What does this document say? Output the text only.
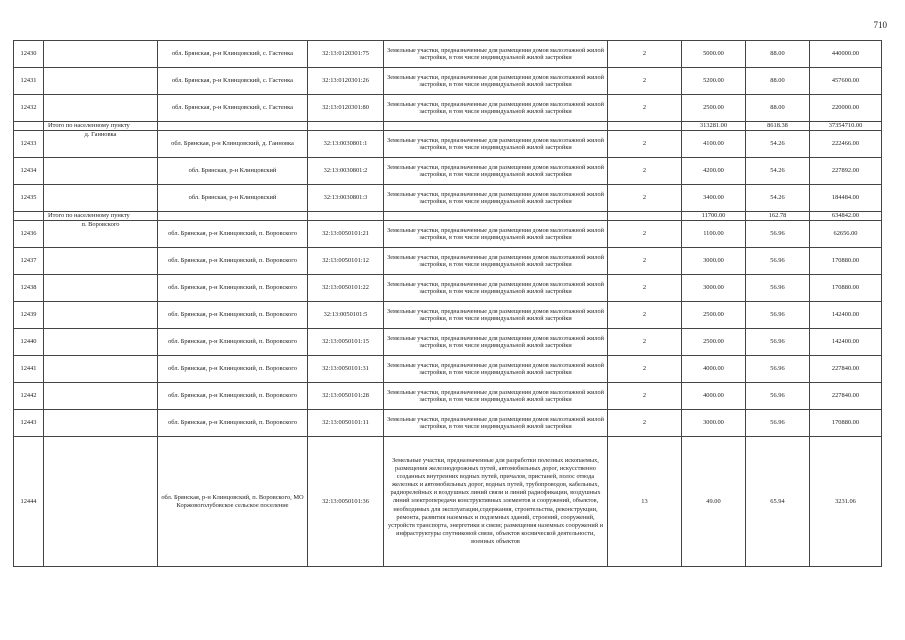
710
12430		обл. Брянская, р-н Клинцовский, с. Гастенка	32:13:0120301:75	Земельные участки, предназначенные для размещения домов малоэтажной жилой застройки, в том числе индивидуальной жилой застройки	2	5000.00	88.00	440000.00
12431		обл. Брянская, р-н Клинцовский, с. Гастенка	32:13:0120301:26	Земельные участки, предназначенные для размещения домов малоэтажной жилой застройки, в том числе индивидуальной жилой застройки	2	5200.00	88.00	457600.00
12432		обл. Брянская, р-н Клинцовский, с. Гастенка	32:13:0120301:80	Земельные участки, предназначенные для размещения домов малоэтажной жилой застройки, в том числе индивидуальной жилой застройки	2	2500.00	88.00	220000.00
	Итого по населенному пункту					313281.00	8618.38	37354710.00
12433	д. Ганновка	обл. Брянская, р-н Клинцовский, д. Ганновка	32:13:0030801:1	Земельные участки, предназначенные для размещения домов малоэтажной жилой застройки, в том числе индивидуальной жилой застройки	2	4100.00	54.26	222466.00
12434		обл. Брянская, р-н Клинцовский	32:13:0030801:2	Земельные участки, предназначенные для размещения домов малоэтажной жилой застройки, в том числе индивидуальной жилой застройки	2	4200.00	54.26	227892.00
12435		обл. Брянская, р-н Клинцовский	32:13:0030801:3	Земельные участки, предназначенные для размещения домов малоэтажной жилой застройки, в том числе индивидуальной жилой застройки	2	3400.00	54.26	184484.00
	Итого по населенному пункту					11700.00	162.78	634842.00
12436	п. Воровского	обл. Брянская, р-н Клинцовский, п. Воровского	32:13:0050101:21	Земельные участки, предназначенные для размещения домов малоэтажной жилой застройки, в том числе индивидуальной жилой застройки	2	1100.00	56.96	62656.00
12437		обл. Брянская, р-н Клинцовский, п. Воровского	32:13:0050101:12	Земельные участки, предназначенные для размещения домов малоэтажной жилой застройки, в том числе индивидуальной жилой застройки	2	3000.00	56.96	170880.00
12438		обл. Брянская, р-н Клинцовский, п. Воровского	32:13:0050101:22	Земельные участки, предназначенные для размещения домов малоэтажной жилой застройки, в том числе индивидуальной жилой застройки	2	3000.00	56.96	170880.00
12439		обл. Брянская, р-н Клинцовский, п. Воровского	32:13:0050101:5	Земельные участки, предназначенные для размещения домов малоэтажной жилой застройки, в том числе индивидуальной жилой застройки	2	2500.00	56.96	142400.00
12440		обл. Брянская, р-н Клинцовский, п. Воровского	32:13:0050101:15	Земельные участки, предназначенные для размещения домов малоэтажной жилой застройки, в том числе индивидуальной жилой застройки	2	2500.00	56.96	142400.00
12441		обл. Брянская, р-н Клинцовский, п. Воровского	32:13:0050101:31	Земельные участки, предназначенные для размещения домов малоэтажной жилой застройки, в том числе индивидуальной жилой застройки	2	4000.00	56.96	227840.00
12442		обл. Брянская, р-н Клинцовский, п. Воровского	32:13:0050101:28	Земельные участки, предназначенные для размещения домов малоэтажной жилой застройки, в том числе индивидуальной жилой застройки	2	4000.00	56.96	227840.00
12443		обл. Брянская, р-н Клинцовский, п. Воровского	32:13:0050101:11	Земельные участки, предназначенные для размещения домов малоэтажной жилой застройки, в том числе индивидуальной жилой застройки	2	3000.00	56.96	170880.00
12444		обл. Брянская, р-н Клинцовский, п. Воровского, МО Коржовоголубовское сельское поселение	32:13:0050101:36	Земельные участки, предназначенные для разработки полезных ископаемых, размещения железнодорожных путей, автомобильных дорог, искусственно созданных внутренних водных путей, причалов, пристаней, полос отвода железных и автомобильных дорог, водных путей, трубопроводов, кабельных, радиорелейных и воздушных линий связи и линий радиофикации, воздушных линий электропередачи конструктивных элементов и сооружений, объектов, необходимых для эксплуатации,содержания, строительства, реконструкции, ремонта, развития наземных и подземных зданий, строений, сооружений, устройств транспорта, энергетики и связи; размещения наземных сооружений и инфраструктуры спутниковой связи, объектов космической деятельности, военных объектов	13	49.00	65.94	3231.06
